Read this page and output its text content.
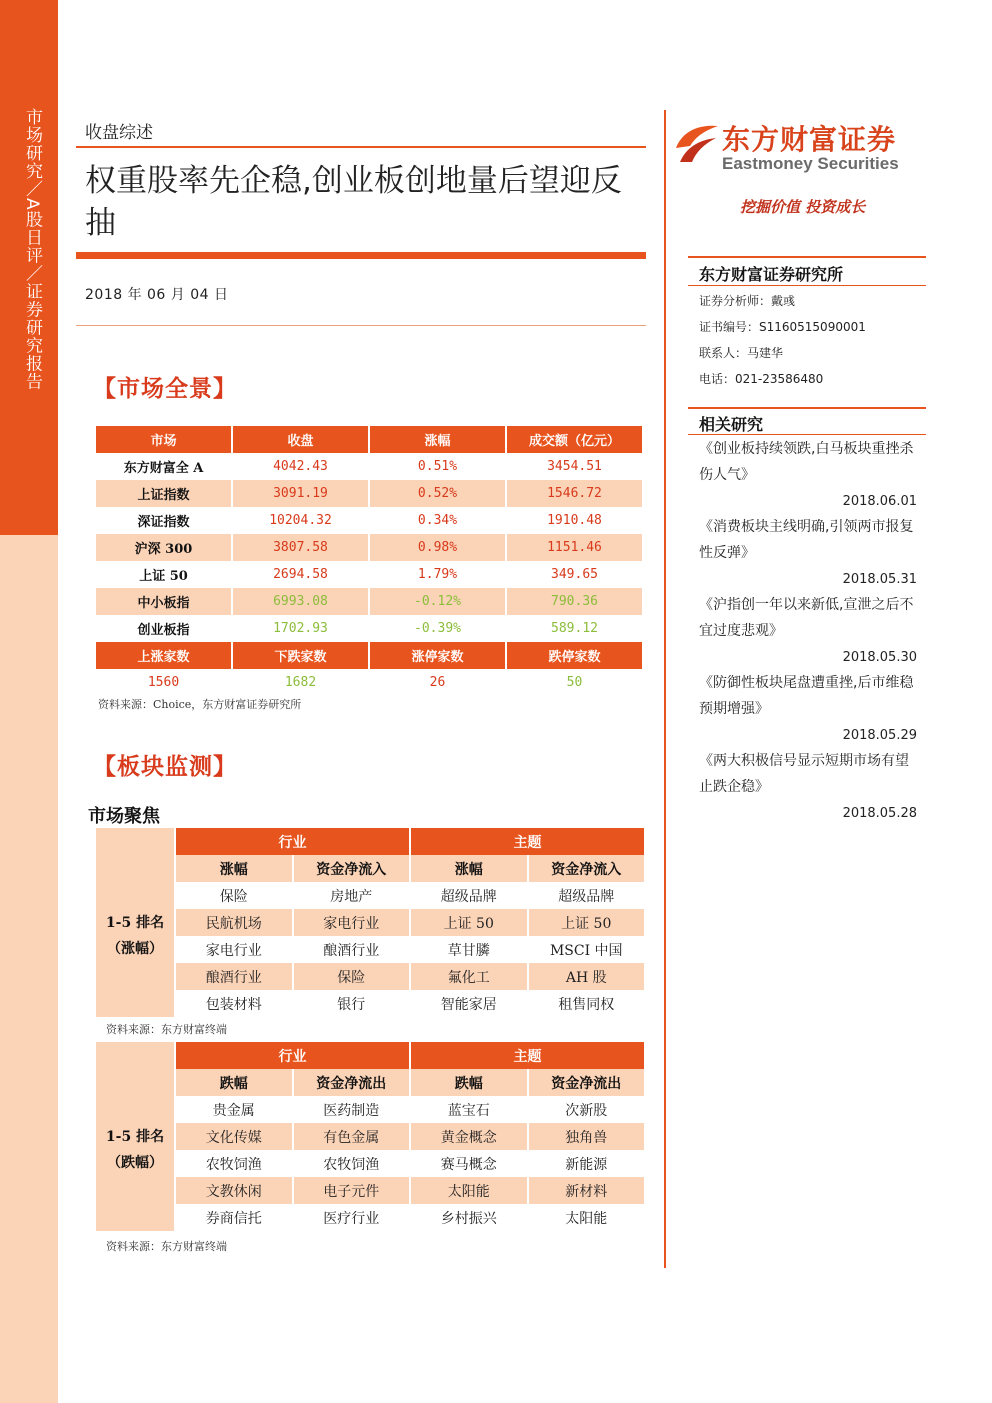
市场研究／A股日评／证券研究报告	收盘综述
权重股率先企稳,创业板创地量后望迎反抽
2018 年 06 月 04 日
【市场全景】
市场	收盘	涨幅	成交额（亿元）
东方财富全 A	4042.43	0.51%	3454.51
上证指数	3091.19	0.52%	1546.72
深证指数	10204.32	0.34%	1910.48
沪深 300	3807.58	0.98%	1151.46
上证 50	2694.58	1.79%	349.65
中小板指	6993.08	-0.12%	790.36
创业板指	1702.93	-0.39%	589.12
上涨家数	下跌家数	涨停家数	跌停家数
1560	1682	26	50
资料来源：Choice，东方财富证券研究所
【板块监测】
市场聚焦
	行业		主题	
1-5 排名（涨幅）	涨幅	资金净流入	涨幅	资金净流入
	保险	房地产	超级品牌	超级品牌
	民航机场	家电行业	上证 50	上证 50
	家电行业	酿酒行业	草甘膦	MSCI 中国
	酿酒行业	保险	氟化工	AH 股
	包装材料	银行	智能家居	租售同权
资料来源：东方财富终端
	行业		主题	
1-5 排名（跌幅）	跌幅	资金净流出	跌幅	资金净流出
	贵金属	医药制造	蓝宝石	次新股
	文化传媒	有色金属	黄金概念	独角兽
	农牧饲渔	农牧饲渔	赛马概念	新能源
	文教休闲	电子元件	太阳能	新材料
	券商信托	医疗行业	乡村振兴	太阳能
资料来源：东方财富终端
东方财富证券
Eastmoney Securities
挖掘价值 投资成长
东方财富证券研究所
证券分析师：戴彧
证书编号：S1160515090001
联系人：马建华
电话：021-23586480
相关研究
《创业板持续领跌,白马板块重挫杀伤人气》
2018.06.01
《消费板块主线明确,引领两市报复性反弹》
2018.05.31
《沪指创一年以来新低,宣泄之后不宜过度悲观》
2018.05.30
《防御性板块尾盘遭重挫,后市维稳预期增强》
2018.05.29
《两大积极信号显示短期市场有望止跌企稳》
2018.05.28
